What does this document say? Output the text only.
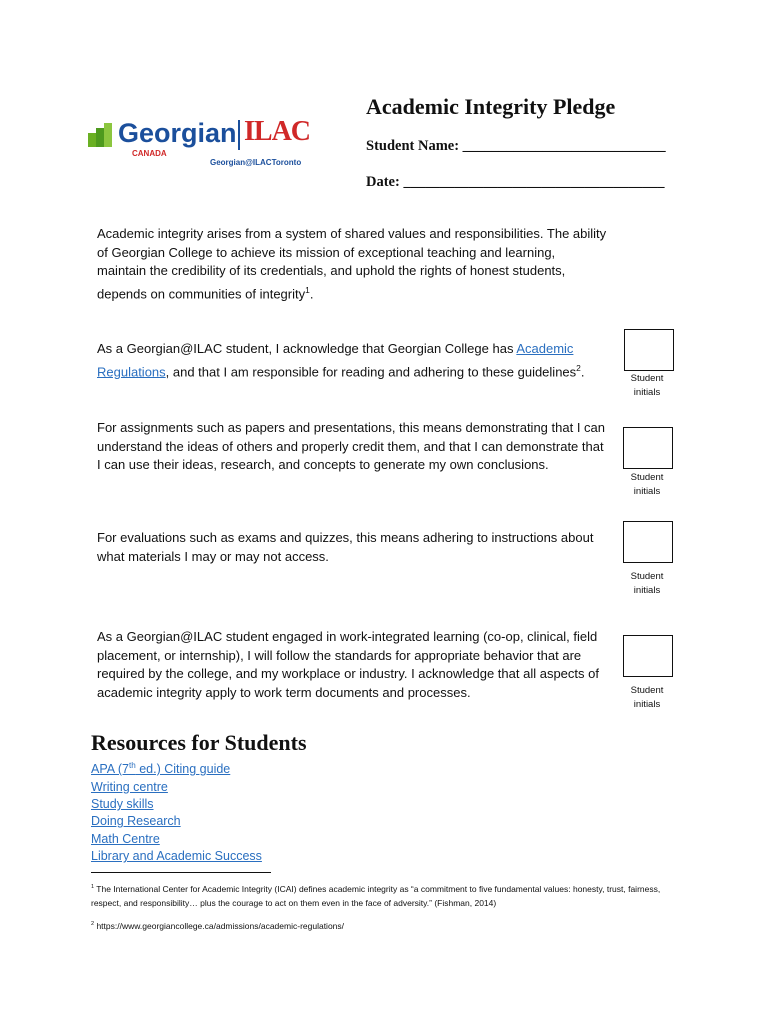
Georgian
CANADA
ILAC
Georgian@ILACToronto
Academic Integrity Pledge
Student Name: ____________________________
Date: ____________________________________
Academic integrity arises from a system of shared values and responsibilities. The ability of Georgian College to achieve its mission of exceptional teaching and learning, maintain the credibility of its credentials, and uphold the rights of honest students, depends on communities of integrity$^1$.
As a Georgian@ILAC student, I acknowledge that Georgian College has Academic Regulations, and that I am responsible for reading and adhering to these guidelines$^2$.	Student
initials
For assignments such as papers and presentations, this means demonstrating that I can understand the ideas of others and properly credit them, and that I can demonstrate that I can use their ideas, research, and concepts to generate my own conclusions.
Student
initials
For evaluations such as exams and quizzes, this means adhering to instructions about what materials I may or may not access.
Student
initials
As a Georgian@ILAC student engaged in work-integrated learning (co-op, clinical, field placement, or internship), I will follow the standards for appropriate behavior that are required by the college, and my workplace or industry. I acknowledge that all aspects of academic integrity apply to work term documents and processes.	Student
initials
Resources for Students
APA (7th ed.) Citing guide
Writing centre
Study skills
Doing Research
Math Centre
Library and Academic Success
$^1$ The International Center for Academic Integrity (ICAI) defines academic integrity as “a commitment to five fundamental values: honesty, trust, fairness, respect, and responsibility… plus the courage to act on them even in the face of adversity.” (Fishman, 2014)
$^2$ https://www.georgiancollege.ca/admissions/academic-regulations/
